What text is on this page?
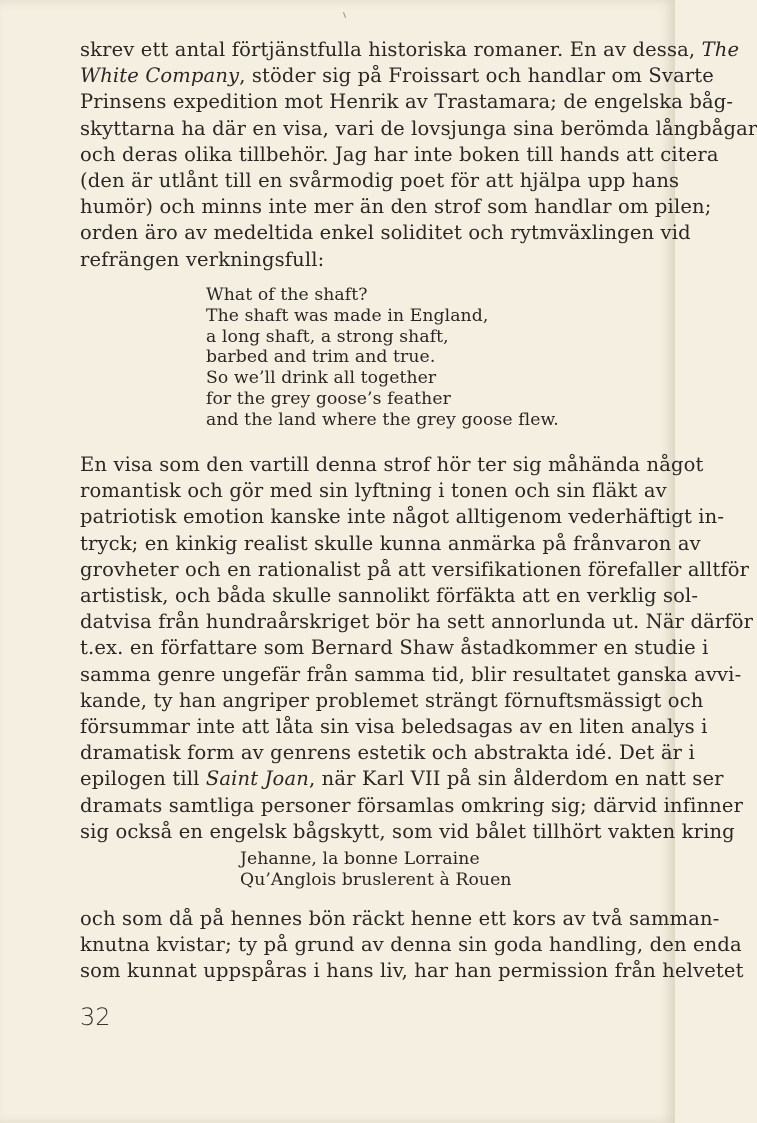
skrev ett antal förtjänstfulla historiska romaner. En av dessa, The
White Company, stöder sig på Froissart och handlar om Svarte
Prinsens expedition mot Henrik av Trastamara; de engelska båg-
skyttarna ha där en visa, vari de lovsjunga sina berömda långbågar
och deras olika tillbehör. Jag har inte boken till hands att citera
(den är utlånt till en svårmodig poet för att hjälpa upp hans
humör) och minns inte mer än den strof som handlar om pilen;
orden äro av medeltida enkel soliditet och rytmväxlingen vid
refrängen verkningsfull:

What of the shaft?
The shaft was made in England,
a long shaft, a strong shaft,
barbed and trim and true.
So we’ll drink all together
for the grey goose’s feather
and the land where the grey goose flew.

En visa som den vartill denna strof hör ter sig måhända något
romantisk och gör med sin lyftning i tonen och sin fläkt av
patriotisk emotion kanske inte något alltigenom vederhäftigt in-
tryck; en kinkig realist skulle kunna anmärka på frånvaron av
grovheter och en rationalist på att versifikationen förefaller alltför
artistisk, och båda skulle sannolikt förfäkta att en verklig sol-
datvisa från hundraårskriget bör ha sett annorlunda ut. När därför
t.ex. en författare som Bernard Shaw åstadkommer en studie i
samma genre ungefär från samma tid, blir resultatet ganska avvi-
kande, ty han angriper problemet strängt förnuftsmässigt och
försummar inte att låta sin visa beledsagas av en liten analys i
dramatisk form av genrens estetik och abstrakta idé. Det är i
epilogen till Saint Joan, när Karl VII på sin ålderdom en natt ser
dramats samtliga personer församlas omkring sig; därvid infinner
sig också en engelsk bågskytt, som vid bålet tillhört vakten kring

Jehanne, la bonne Lorraine
Qu’Anglois bruslerent à Rouen

och som då på hennes bön räckt henne ett kors av två samman-
knutna kvistar; ty på grund av denna sin goda handling, den enda
som kunnat uppspåras i hans liv, har han permission från helvetet

32
